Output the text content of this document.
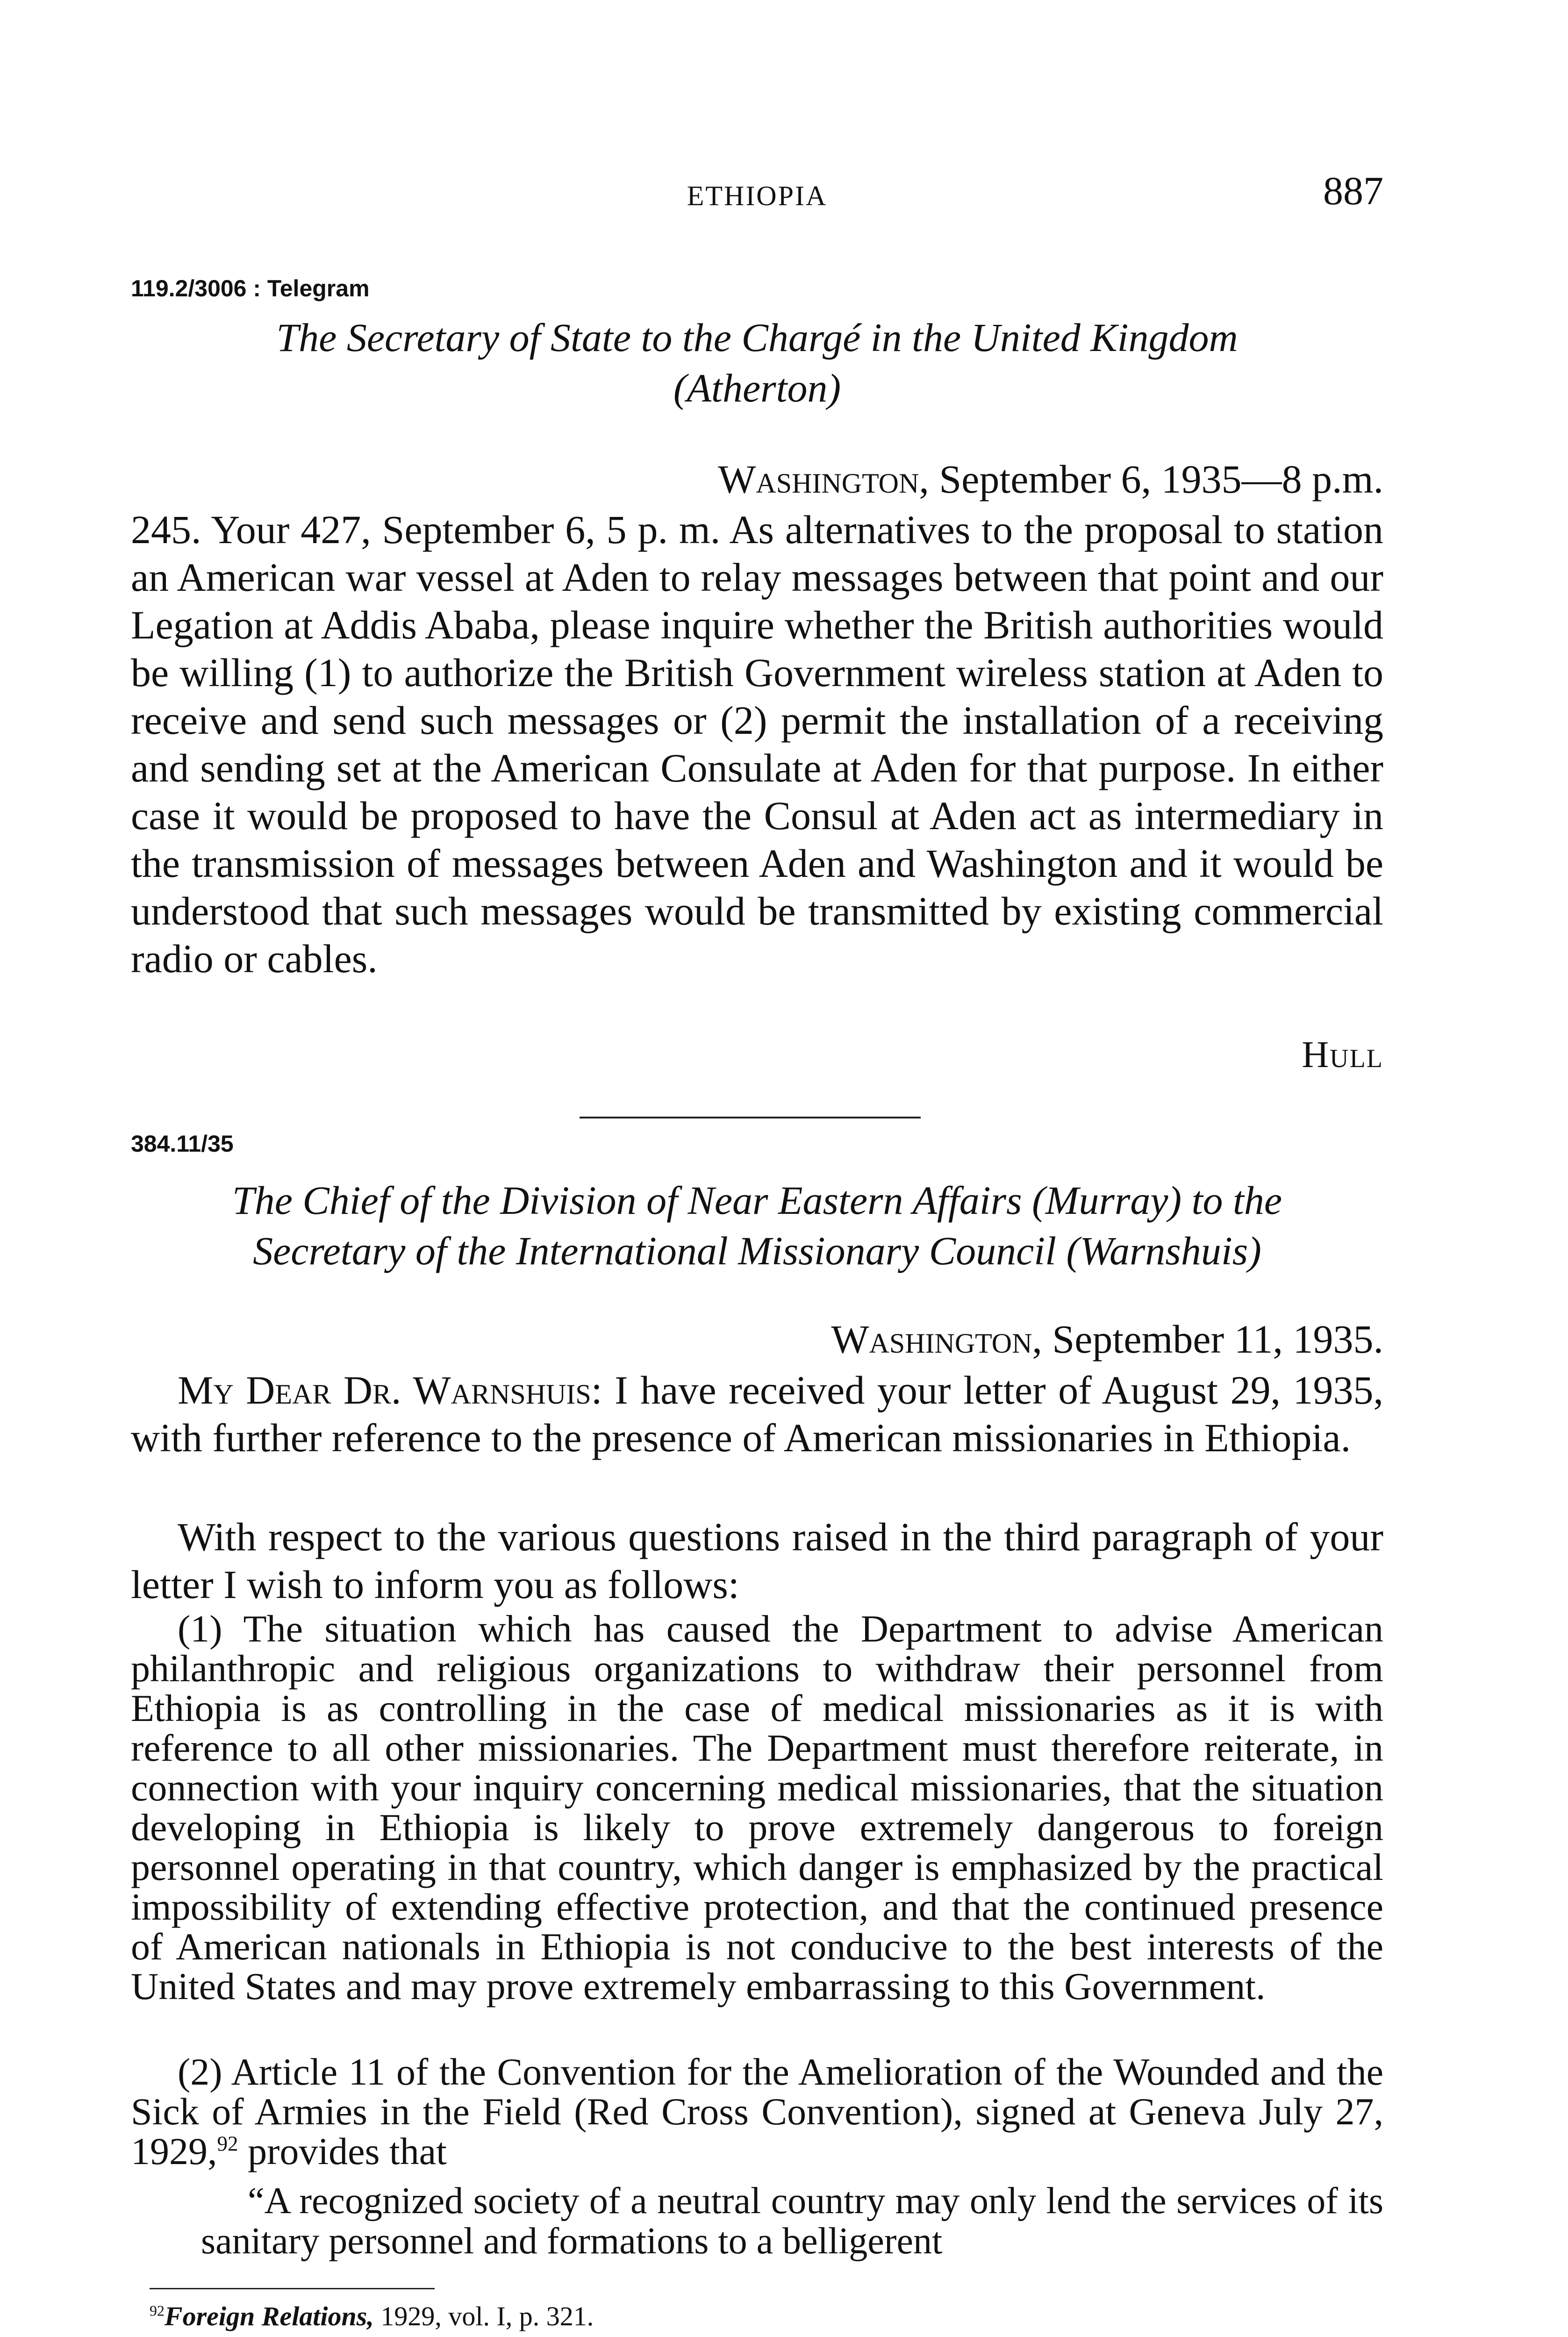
ETHIOPIA	887
119.2/3006 : Telegram
The Secretary of State to the Chargé in the United Kingdom
(Atherton)
Washington, September 6, 1935—8 p.m.

245. Your 427, September 6, 5 p. m. As alternatives to the proposal to station an American war vessel at Aden to relay messages between that point and our Legation at Addis Ababa, please inquire whether the British authorities would be willing (1) to authorize the British Government wireless station at Aden to receive and send such messages or (2) permit the installation of a receiving and sending set at the American Consulate at Aden for that purpose. In either case it would be proposed to have the Consul at Aden act as intermediary in the transmission of messages between Aden and Washington and it would be understood that such messages would be transmitted by existing commercial radio or cables.

Hull
384.11/35
The Chief of the Division of Near Eastern Affairs (Murray) to the
Secretary of the International Missionary Council (Warnshuis)
Washington, September 11, 1935.

My Dear Dr. Warnshuis: I have received your letter of August 29, 1935, with further reference to the presence of American missionaries in Ethiopia.

With respect to the various questions raised in the third paragraph of your letter I wish to inform you as follows:

(1) The situation which has caused the Department to advise American philanthropic and religious organizations to withdraw their personnel from Ethiopia is as controlling in the case of medical missionaries as it is with reference to all other missionaries. The Department must therefore reiterate, in connection with your inquiry concerning medical missionaries, that the situation developing in Ethiopia is likely to prove extremely dangerous to foreign personnel operating in that country, which danger is emphasized by the practical impossibility of extending effective protection, and that the continued presence of American nationals in Ethiopia is not conducive to the best interests of the United States and may prove extremely embarrassing to this Government.

(2) Article 11 of the Convention for the Amelioration of the Wounded and the Sick of Armies in the Field (Red Cross Convention), signed at Geneva July 27, 1929,92 provides that

“A recognized society of a neutral country may only lend the services of its sanitary personnel and formations to a belligerent

$^{92}$Foreign Relations, 1929, vol. I, p. 321.
